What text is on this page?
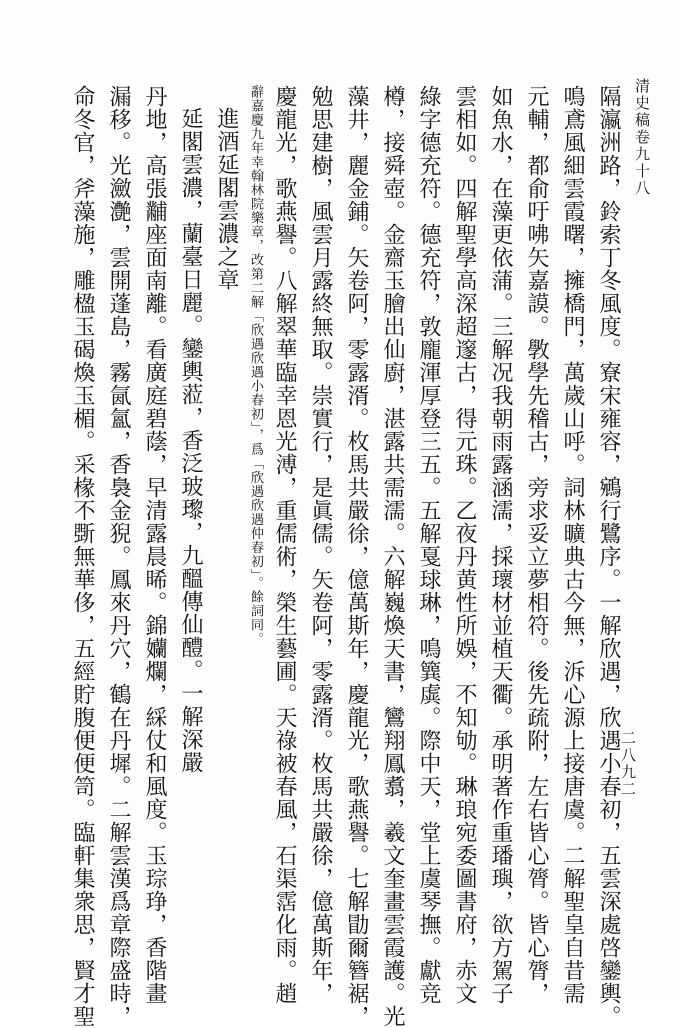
清史稿卷九十八
二八九二
隔瀛洲路，鈴索丁冬風度。寮宋雍容，鵷行鷺序。一解欣遇，欣遇小春初，五雲深處啓鑾輿。
鳴鳶風細雲霞曙，擁橋門，萬歲山呼。詞林曠典古今無，泝心源上接唐虞。二解聖皇自昔需
元輔，都俞吁咈矢嘉謨。斆學先稽古，旁求妥立夢相符。後先疏附，左右皆心膂。皆心膂，
如魚水，在藻更依蒲。三解况我朝雨露涵濡，採瓌材並植天衢。承明著作重璠璵，欲方駕子
雲相如。四解聖學高深超邃古，得元珠。乙夜丹黄性所娛，不知劬。琳琅宛委圖書府，赤文
綠字德充符。德充符，敦龐渾厚登三五。五解戛球琳，鳴簨虡。際中天，堂上虞琴撫。獻竞
樽，接舜壺。金齋玉膾出仙廚，湛露共需濡。六解巍煥天書，鸞翔鳳翥，羲文奎畫雲霞護。光
藻井，麗金鋪。矢卷阿，零露湑。枚馬共嚴徐，億萬斯年，慶龍光，歌燕譽。七解勖爾簪裾，
勉思建樹，風雲月露終無取。崇實行，是眞儒。矢卷阿，零露湑。枚馬共嚴徐，億萬斯年，
慶龍光，歌燕譽。八解翠華臨幸恩光溥，重儒術，榮生藝圃。天祿被春風，石渠霑化雨。趙
辭嘉慶九年幸翰林院樂章，改第二解「欣遇欣遇小春初」，爲「欣遇欣遇仲春初」。餘詞同。
進酒延閣雲濃之章
延閣雲濃，蘭臺日麗。鑾輿蒞，香泛玻瓈，九醞傳仙醴。一解深嚴
丹地，高張黼座面南離。看廣庭碧蔭，早清露晨晞。錦孏爛，綵仗和風度。玉琮琤，香階畫
漏移。光瀲灔，雲開蓬島，霧氤氳，香裊金猊。鳳來丹穴，鶴在丹墀。二解雲漢爲章際盛時，
命冬官，斧藻施，雕楹玉碣煥玉楣。采椽不斲無華侈，五經貯腹便便笥。臨軒集衆思，賢才聖
